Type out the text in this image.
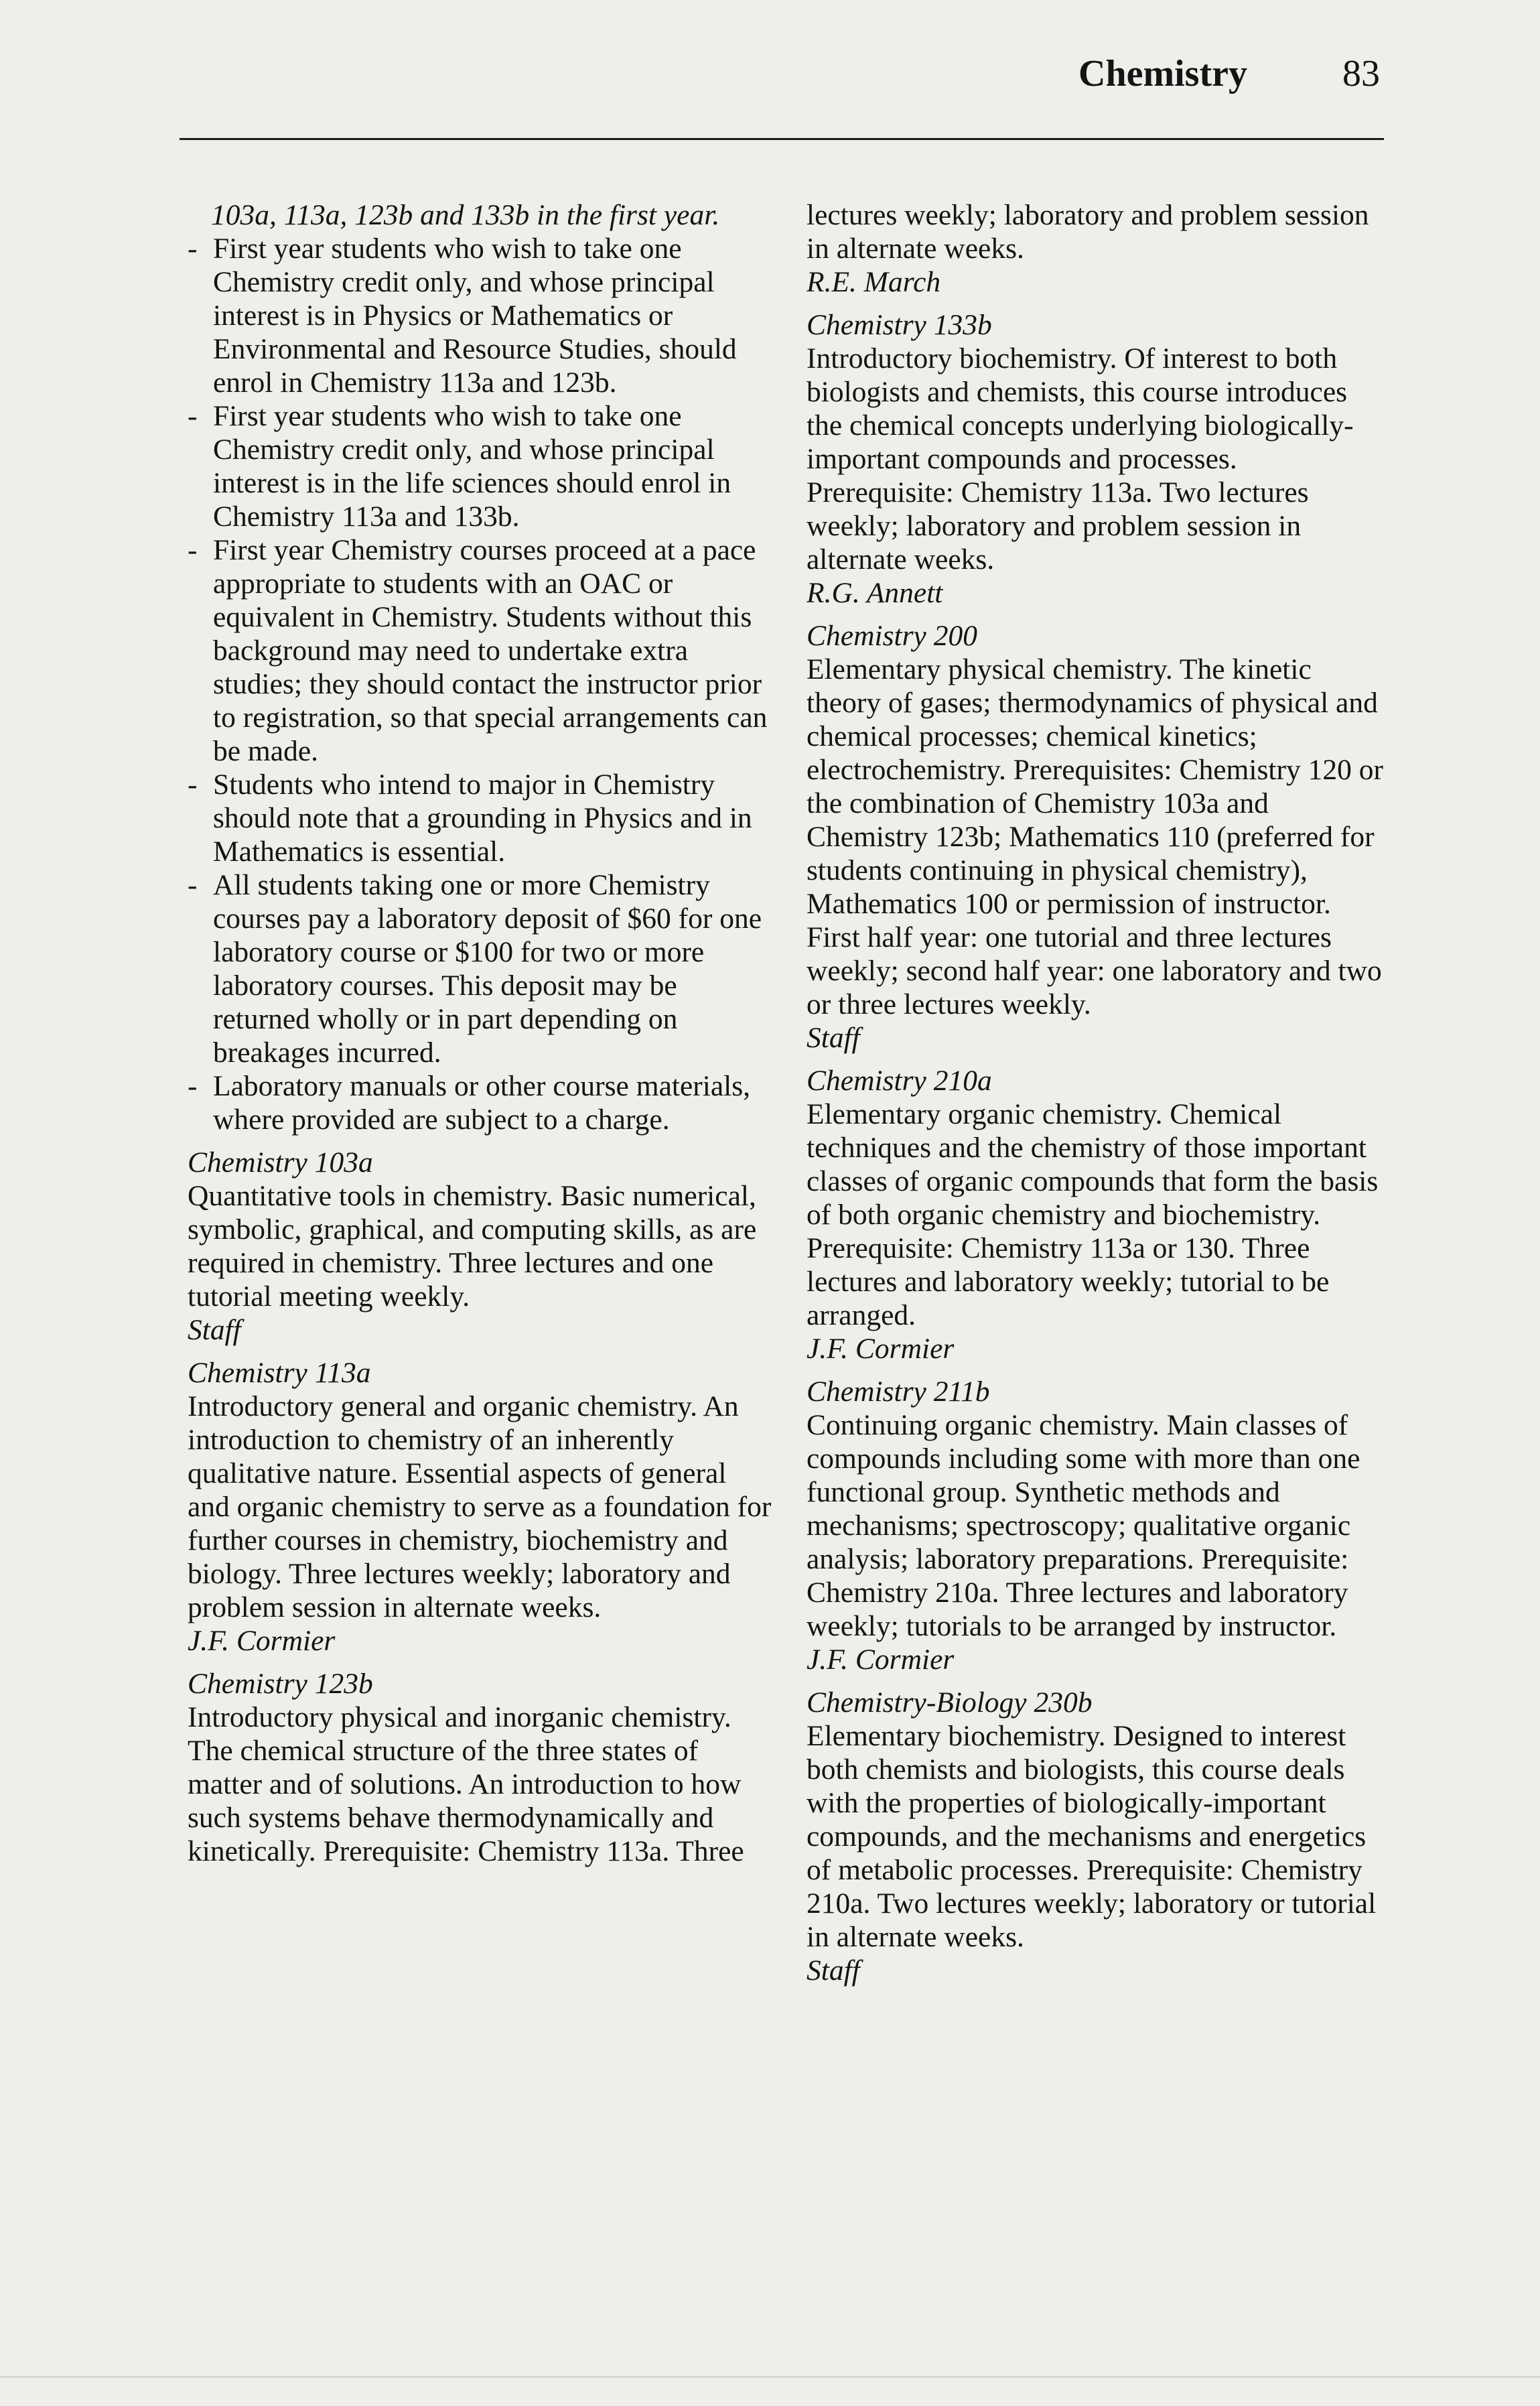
Chemistry	83
103a, 113a, 123b and 133b in the first year.
- First year students who wish to take one Chemistry credit only, and whose principal interest is in Physics or Mathematics or Environmental and Resource Studies, should enrol in Chemistry 113a and 123b.
- First year students who wish to take one Chemistry credit only, and whose principal interest is in the life sciences should enrol in Chemistry 113a and 133b.
- First year Chemistry courses proceed at a pace appropriate to students with an OAC or equivalent in Chemistry. Students without this background may need to undertake extra studies; they should contact the instructor prior to registration, so that special arrangements can be made.
- Students who intend to major in Chemistry should note that a grounding in Physics and in Mathematics is essential.
- All students taking one or more Chemistry courses pay a laboratory deposit of $60 for one laboratory course or $100 for two or more laboratory courses. This deposit may be returned wholly or in part depending on breakages incurred.
- Laboratory manuals or other course materials, where provided are subject to a charge.
Chemistry 103a
Quantitative tools in chemistry. Basic numerical, symbolic, graphical, and computing skills, as are required in chemistry. Three lectures and one tutorial meeting weekly.
Staff
Chemistry 113a
Introductory general and organic chemistry. An introduction to chemistry of an inherently qualitative nature. Essential aspects of general and organic chemistry to serve as a foundation for further courses in chemistry, biochemistry and biology. Three lectures weekly; laboratory and problem session in alternate weeks.
J.F. Cormier
Chemistry 123b
Introductory physical and inorganic chemistry. The chemical structure of the three states of matter and of solutions. An introduction to how such systems behave thermodynamically and kinetically. Prerequisite: Chemistry 113a. Three
lectures weekly; laboratory and problem session in alternate weeks.
R.E. March
Chemistry 133b
Introductory biochemistry. Of interest to both biologists and chemists, this course introduces the chemical concepts underlying biologically-important compounds and processes. Prerequisite: Chemistry 113a. Two lectures weekly; laboratory and problem session in alternate weeks.
R.G. Annett
Chemistry 200
Elementary physical chemistry. The kinetic theory of gases; thermodynamics of physical and chemical processes; chemical kinetics; electrochemistry. Prerequisites: Chemistry 120 or the combination of Chemistry 103a and Chemistry 123b; Mathematics 110 (preferred for students continuing in physical chemistry), Mathematics 100 or permission of instructor. First half year: one tutorial and three lectures weekly; second half year: one laboratory and two or three lectures weekly.
Staff
Chemistry 210a
Elementary organic chemistry. Chemical techniques and the chemistry of those important classes of organic compounds that form the basis of both organic chemistry and biochemistry. Prerequisite: Chemistry 113a or 130. Three lectures and laboratory weekly; tutorial to be arranged.
J.F. Cormier
Chemistry 211b
Continuing organic chemistry. Main classes of compounds including some with more than one functional group. Synthetic methods and mechanisms; spectroscopy; qualitative organic analysis; laboratory preparations. Prerequisite: Chemistry 210a. Three lectures and laboratory weekly; tutorials to be arranged by instructor.
J.F. Cormier
Chemistry-Biology 230b
Elementary biochemistry. Designed to interest both chemists and biologists, this course deals with the properties of biologically-important compounds, and the mechanisms and energetics of metabolic processes. Prerequisite: Chemistry 210a. Two lectures weekly; laboratory or tutorial in alternate weeks.
Staff
